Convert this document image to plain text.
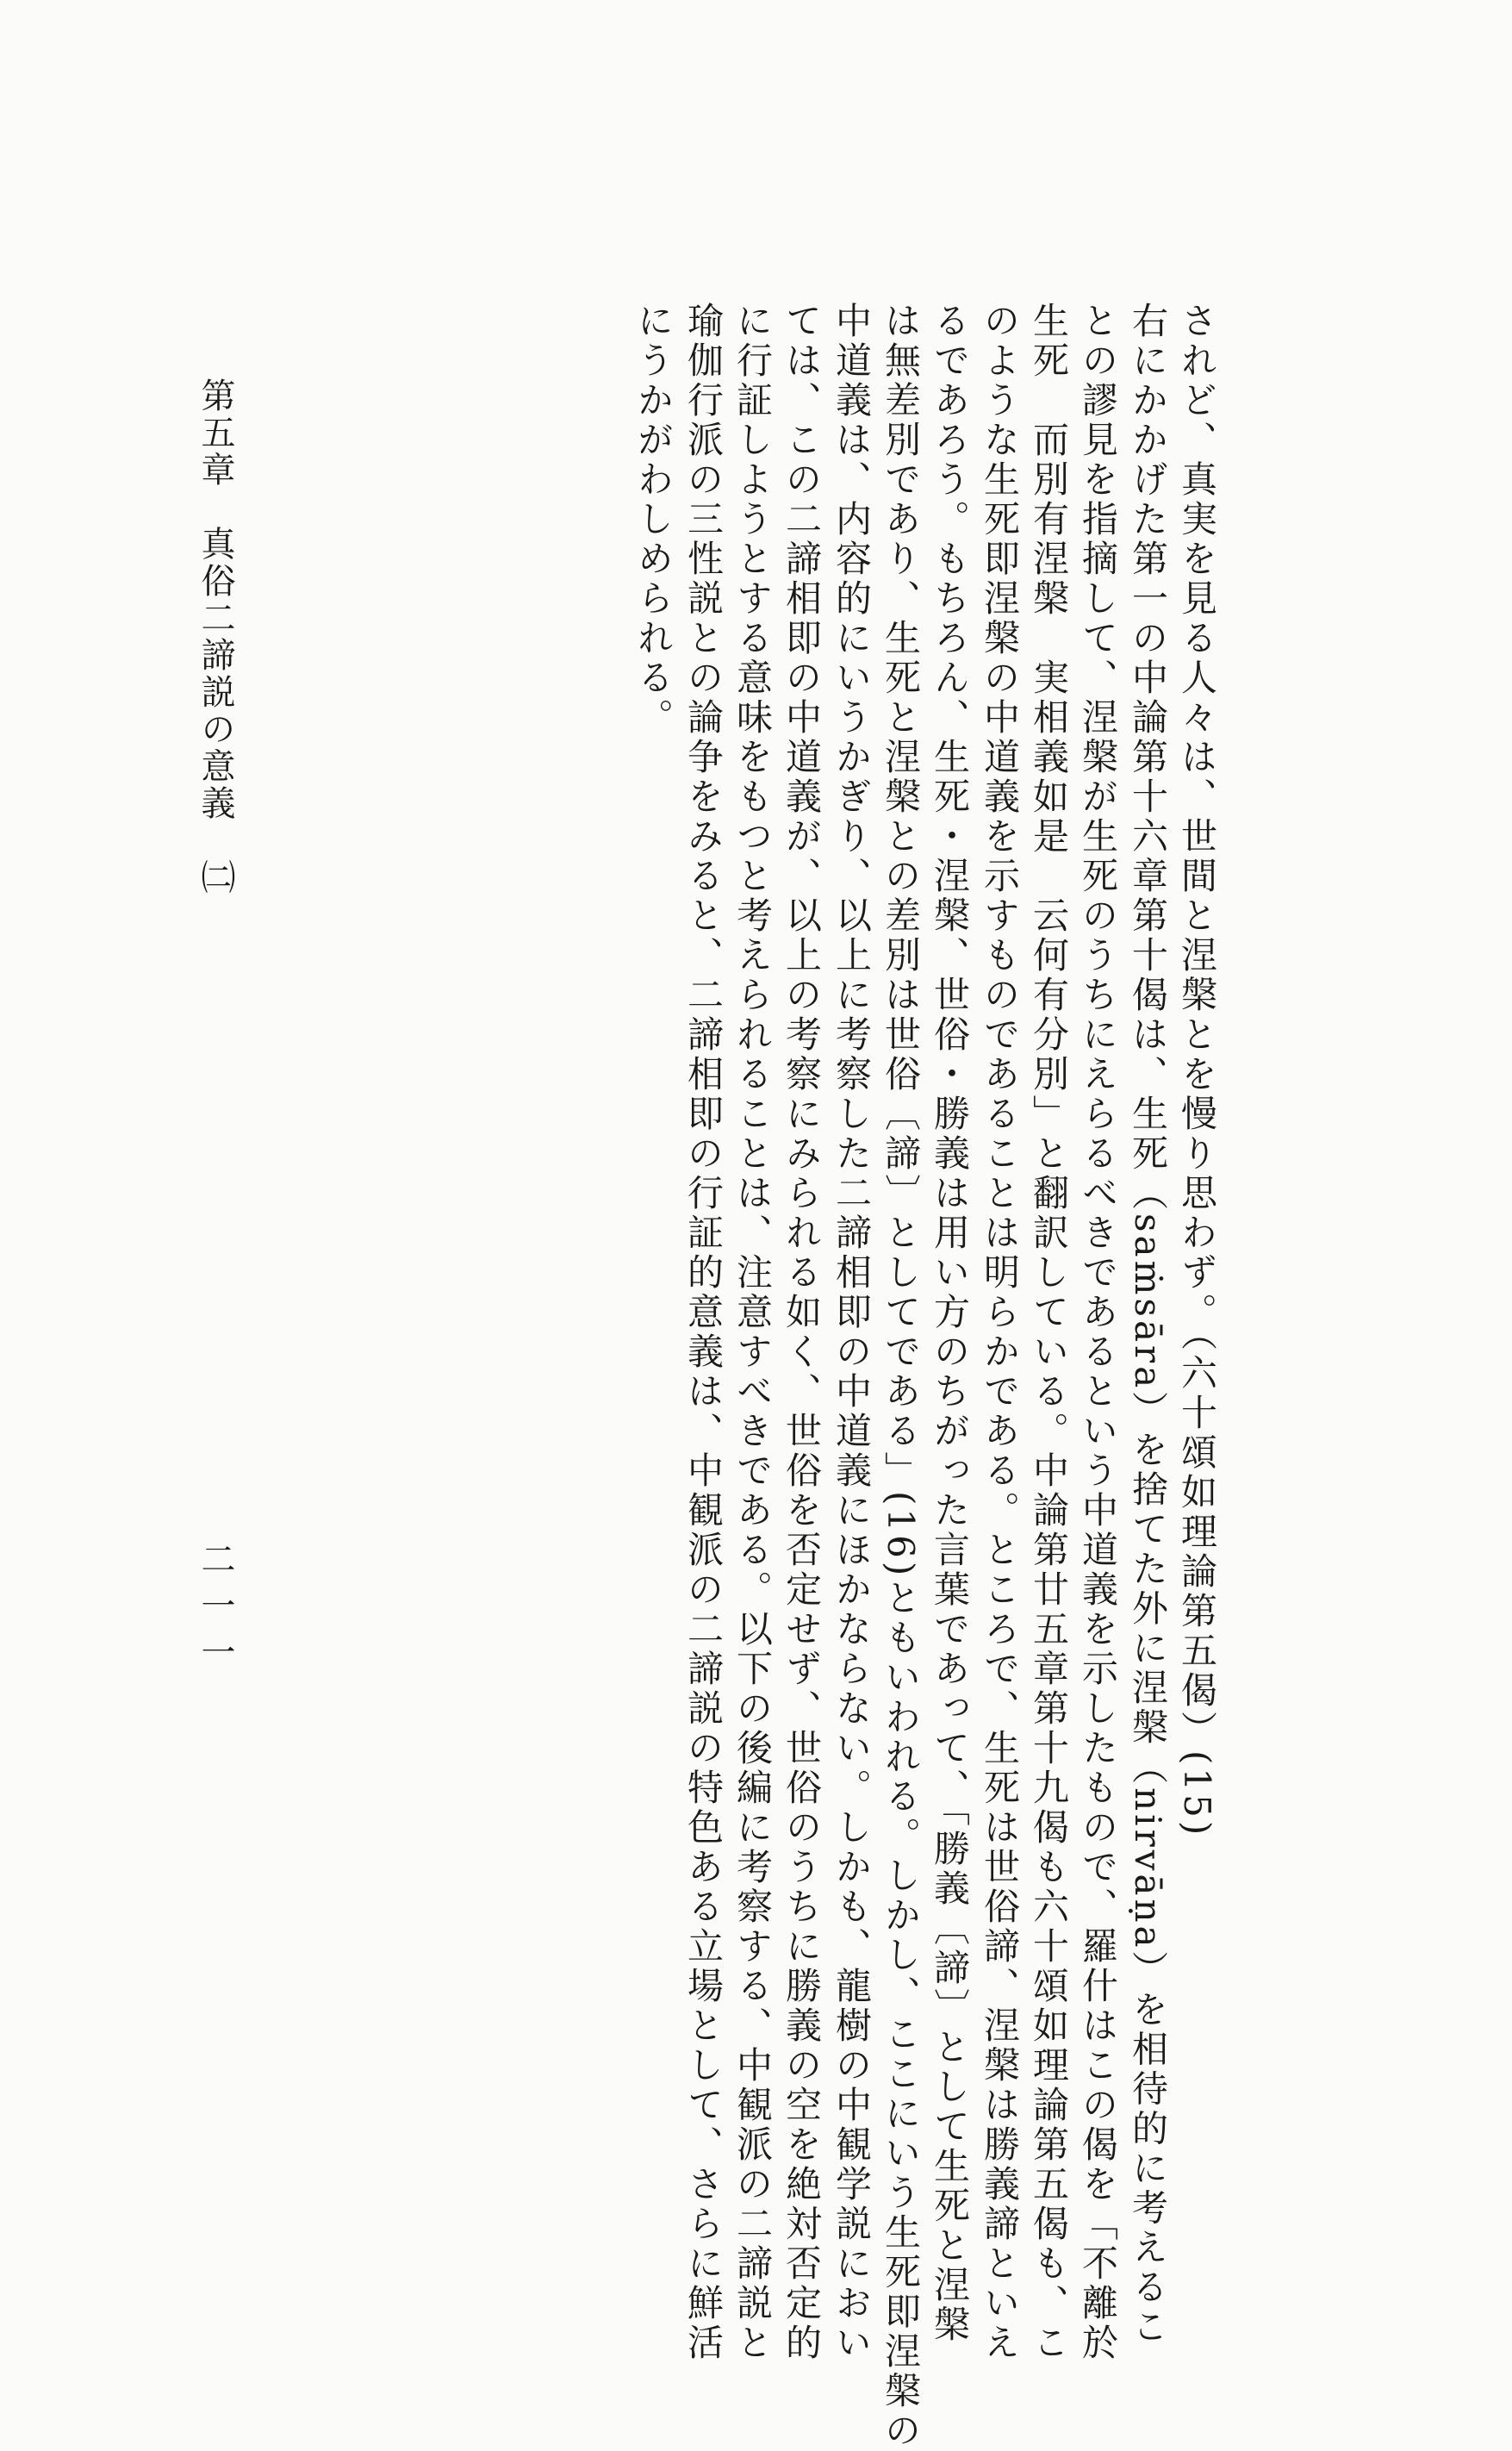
されど、真実を見る人々は、世間と涅槃とを慢り思わず。（六十頌如理論第五偈）(15)
右にかかげた第一の中論第十六章第十偈は、生死（saṁsāra）を捨てた外に涅槃（nirvāṇa）を相待的に考えるこ
との謬見を指摘して、涅槃が生死のうちにえらるべきであるという中道義を示したもので、羅什はこの偈を「不離於
生死　而別有涅槃　実相義如是　云何有分別」と翻訳している。中論第廿五章第十九偈も六十頌如理論第五偈も、こ
のような生死即涅槃の中道義を示すものであることは明らかである。ところで、生死は世俗諦、涅槃は勝義諦といえ
るであろう。もちろん、生死・涅槃、世俗・勝義は用い方のちがった言葉であって、「勝義〔諦〕として生死と涅槃
は無差別であり、生死と涅槃との差別は世俗〔諦〕としてである」(16)ともいわれる。しかし、ここにいう生死即涅槃の
中道義は、内容的にいうかぎり、以上に考察した二諦相即の中道義にほかならない。しかも、龍樹の中観学説におい
ては、この二諦相即の中道義が、以上の考察にみられる如く、世俗を否定せず、世俗のうちに勝義の空を絶対否定的
に行証しようとする意味をもつと考えられることは、注意すべきである。以下の後編に考察する、中観派の二諦説と
瑜伽行派の三性説との論争をみると、二諦相即の行証的意義は、中観派の二諦説の特色ある立場として、さらに鮮活
にうかがわしめられる。
第五章　真俗二諦説の意義　㈡
二一一
